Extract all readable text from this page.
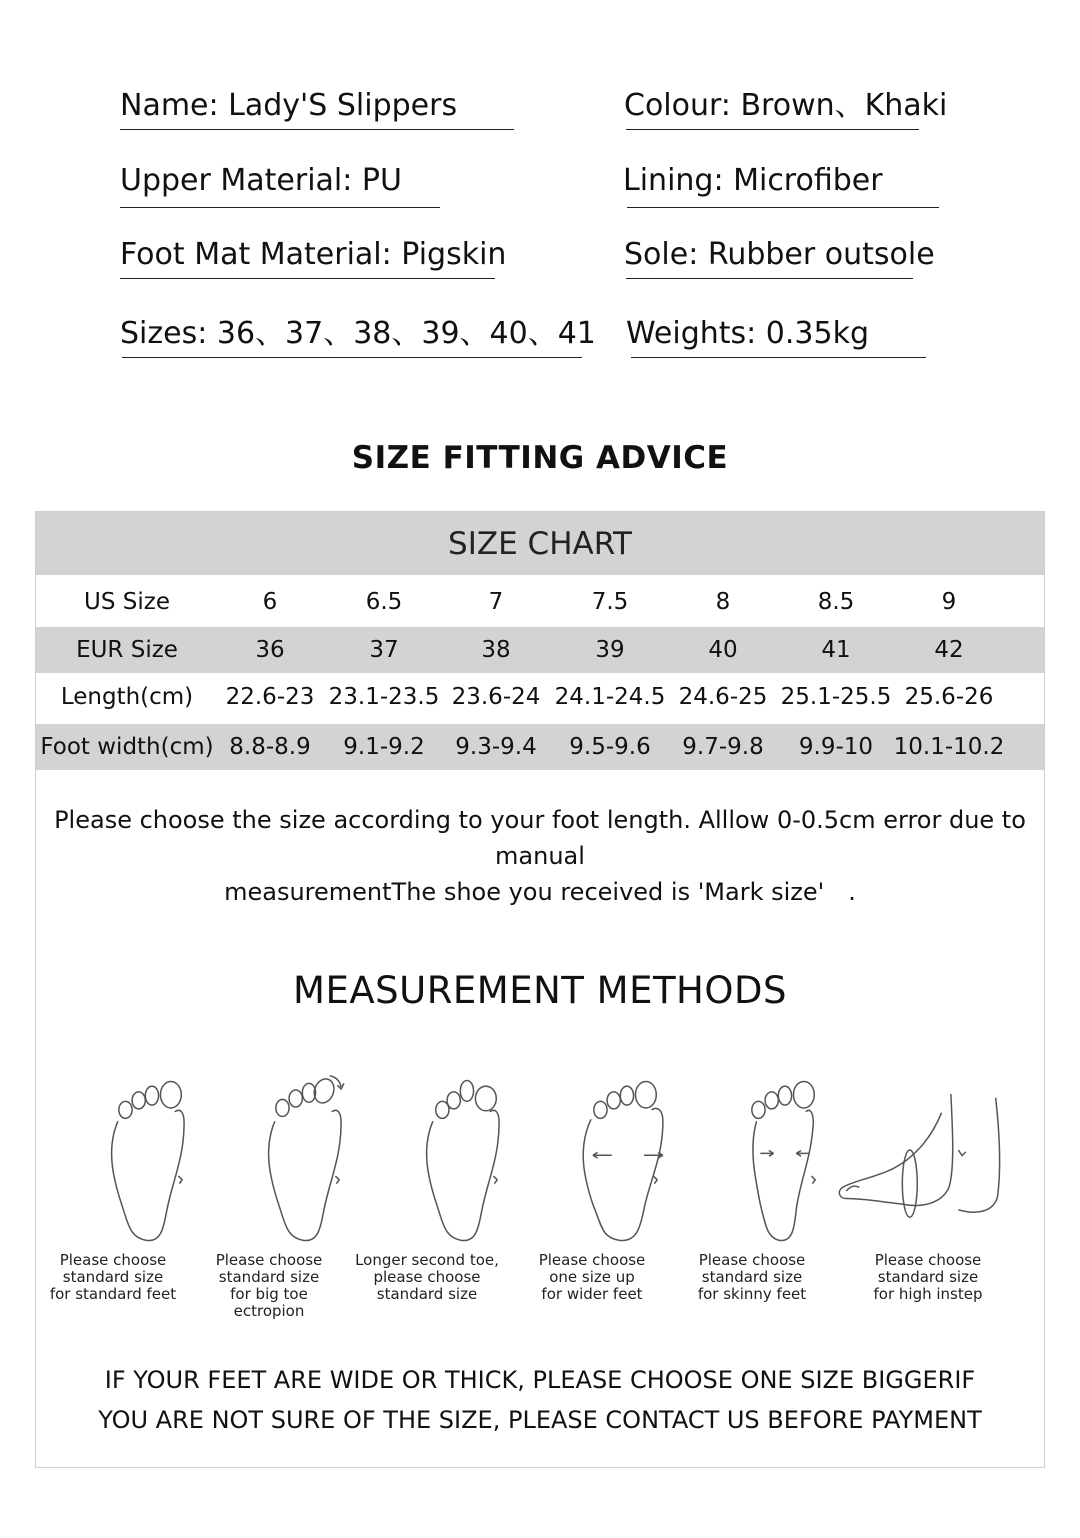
Name: Lady'S Slippers	Colour: Brown、Khaki
Upper Material: PU	Lining: Microfiber
Foot Mat Material: Pigskin	Sole: Rubber outsole
Sizes: 36、37、38、39、40、41 Weights: 0.35kg
SIZE FITTING ADVICE
SIZE CHART
US Size	6	6.5	7	7.5	8	8.5	9
EUR Size	36	37	38	39	40	41	42
Length(cm)	22.6-23 23.1-23.5 23.6-24 24.1-24.5 24.6-25 25.1-25.5 25.6-26
Foot width(cm) 8.8-8.9	9.1-9.2	9.3-9.4	9.5-9.6	9.7-9.8	9.9-10 10.1-10.2
Please choose the size according to your foot length. Alllow 0-0.5cm error due to manual
measurementThe shoe you received is 'Mark size'　.
MEASUREMENT METHODS
Please choose
standard size
for standard feet
Please choose
standard size
for big toe
ectropion
Longer second toe,
please choose
standard size
Please choose
one size up
for wider feet
Please choose
standard size
for skinny feet
Please choose
standard size
for high instep
IF YOUR FEET ARE WIDE OR THICK, PLEASE CHOOSE ONE SIZE BIGGERIF
YOU ARE NOT SURE OF THE SIZE, PLEASE CONTACT US BEFORE PAYMENT
